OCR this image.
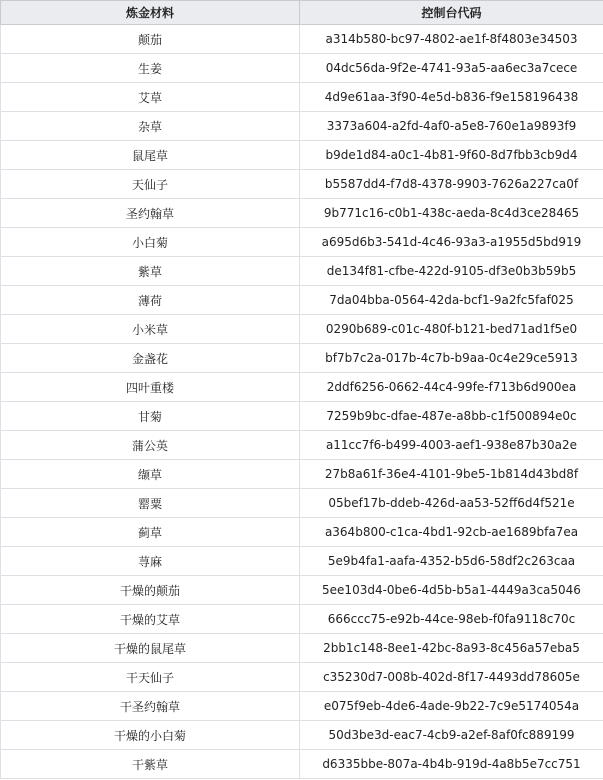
炼金材料	控制台代码
颠茄	a314b580-bc97-4802-ae1f-8f4803e34503
生姜	04dc56da-9f2e-4741-93a5-aa6ec3a7cece
艾草	4d9e61aa-3f90-4e5d-b836-f9e158196438
杂草	3373a604-a2fd-4af0-a5e8-760e1a9893f9
鼠尾草	b9de1d84-a0c1-4b81-9f60-8d7fbb3cb9d4
天仙子	b5587dd4-f7d8-4378-9903-7626a227ca0f
圣约翰草	9b771c16-c0b1-438c-aeda-8c4d3ce28465
小白菊	a695d6b3-541d-4c46-93a3-a1955d5bd919
紫草	de134f81-cfbe-422d-9105-df3e0b3b59b5
薄荷	7da04bba-0564-42da-bcf1-9a2fc5faf025
小米草	0290b689-c01c-480f-b121-bed71ad1f5e0
金盏花	bf7b7c2a-017b-4c7b-b9aa-0c4e29ce5913
四叶重楼	2ddf6256-0662-44c4-99fe-f713b6d900ea
甘菊	7259b9bc-dfae-487e-a8bb-c1f500894e0c
蒲公英	a11cc7f6-b499-4003-aef1-938e87b30a2e
缬草	27b8a61f-36e4-4101-9be5-1b814d43bd8f
罂粟	05bef17b-ddeb-426d-aa53-52ff6d4f521e
蓟草	a364b800-c1ca-4bd1-92cb-ae1689bfa7ea
荨麻	5e9b4fa1-aafa-4352-b5d6-58df2c263caa
干燥的颠茄	5ee103d4-0be6-4d5b-b5a1-4449a3ca5046
干燥的艾草	666ccc75-e92b-44ce-98eb-f0fa9118c70c
干燥的鼠尾草	2bb1c148-8ee1-42bc-8a93-8c456a57eba5
干天仙子	c35230d7-008b-402d-8f17-4493dd78605e
干圣约翰草	e075f9eb-4de6-4ade-9b22-7c9e5174054a
干燥的小白菊	50d3be3d-eac7-4cb9-a2ef-8af0fc889199
干紫草	d6335bbe-807a-4b4b-919d-4a8b5e7cc751
